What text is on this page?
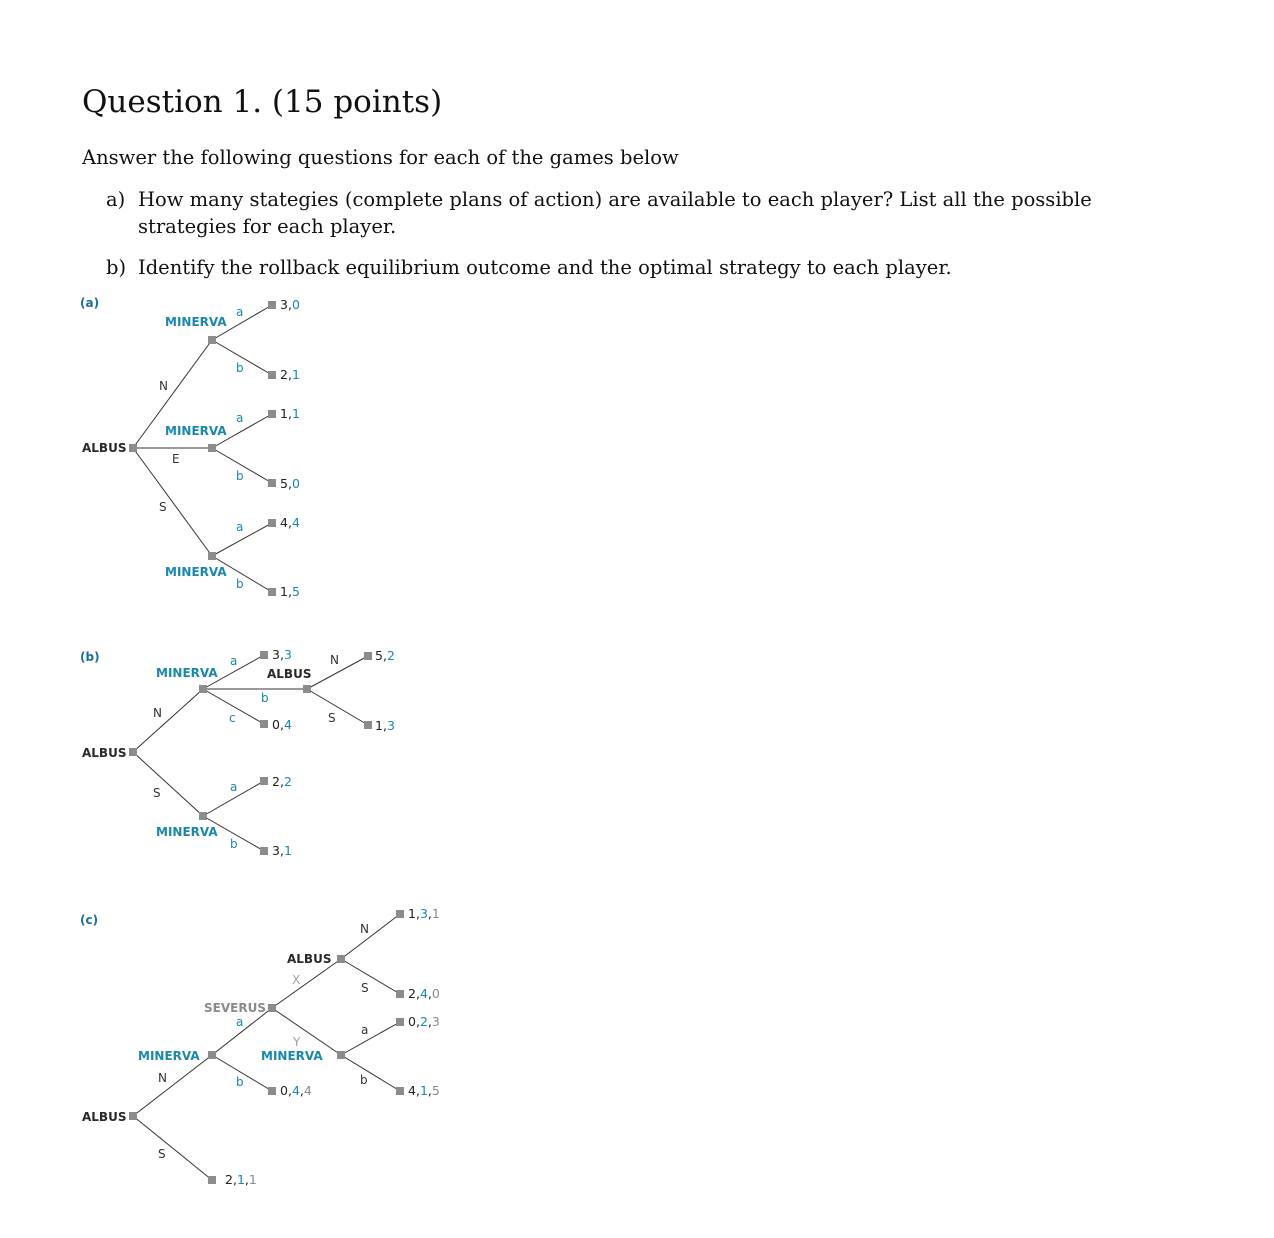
Question 1. (15 points)
Answer the following questions for each of the games below
a) How many stategies (complete plans of action) are available to each player? List all the possible strategies for each player.
b) Identify the rollback equilibrium outcome and the optimal strategy to each player.
(a)
ALBUS
MINERVA
MINERVA
MINERVA
N
E
S
a
b
a
b
a
b
3,0
2,1
1,1
5,0
4,4
1,5
(b)
ALBUS
MINERVA	ALBUS
MINERVA
N
S
a
b
c
N
S
a
b
3,3	5,2
1,3
0,4
2,2
3,1
(c)
ALBUS
MINERVA
SEVERUS
ALBUS
MINERVA
N
S
a
b
X
Y
N
S
a
b
1,3,1
2,4,0
0,2,3
4,1,5
0,4,4
2,1,1
